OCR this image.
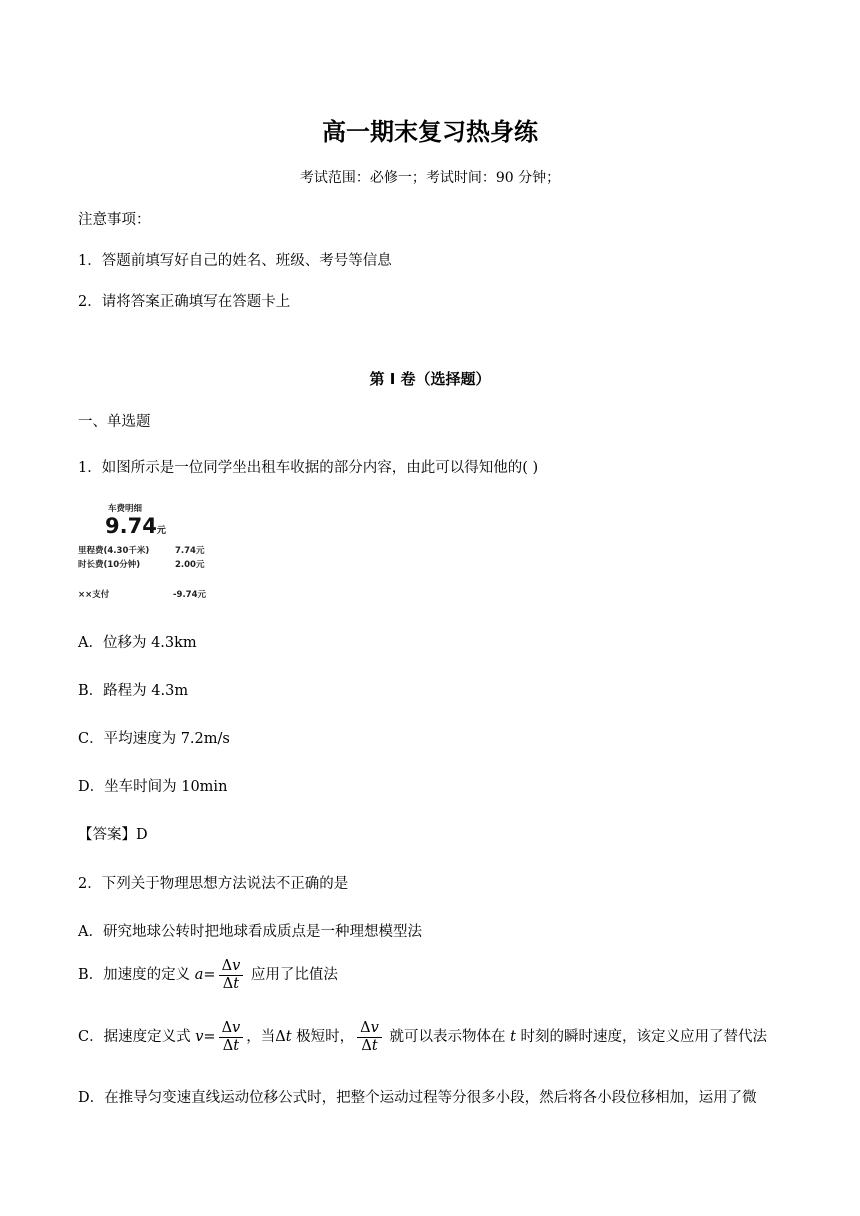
高一期末复习热身练
考试范围：必修一；考试时间：90 分钟；
注意事项：
1．答题前填写好自己的姓名、班级、考号等信息
2．请将答案正确填写在答题卡上
第 I 卷（选择题）
一、单选题
1．如图所示是一位同学坐出租车收据的部分内容，由此可以得知他的( )
车费明细
9.74元
里程费(4.30千米)	7.74元
时长费(10分钟)	2.00元
××支付	-9.74元
A．位移为 4.3km
B．路程为 4.3m
C．平均速度为 7.2m/s
D．坐车时间为 10min
【答案】D
2．下列关于物理思想方法说法不正确的是
A．研究地球公转时把地球看成质点是一种理想模型法
B．加速度的定义 $a= \frac{\Delta v}{\Delta t}$ 应用了比值法
C．据速度定义式 $v= \frac{\Delta v}{\Delta t}$ ，当Δt 极短时， $\frac{\Delta v}{\Delta t}$ 就可以表示物体在 t 时刻的瞬时速度，该定义应用了替代法
D．在推导匀变速直线运动位移公式时，把整个运动过程等分很多小段，然后将各小段位移相加，运用了微
